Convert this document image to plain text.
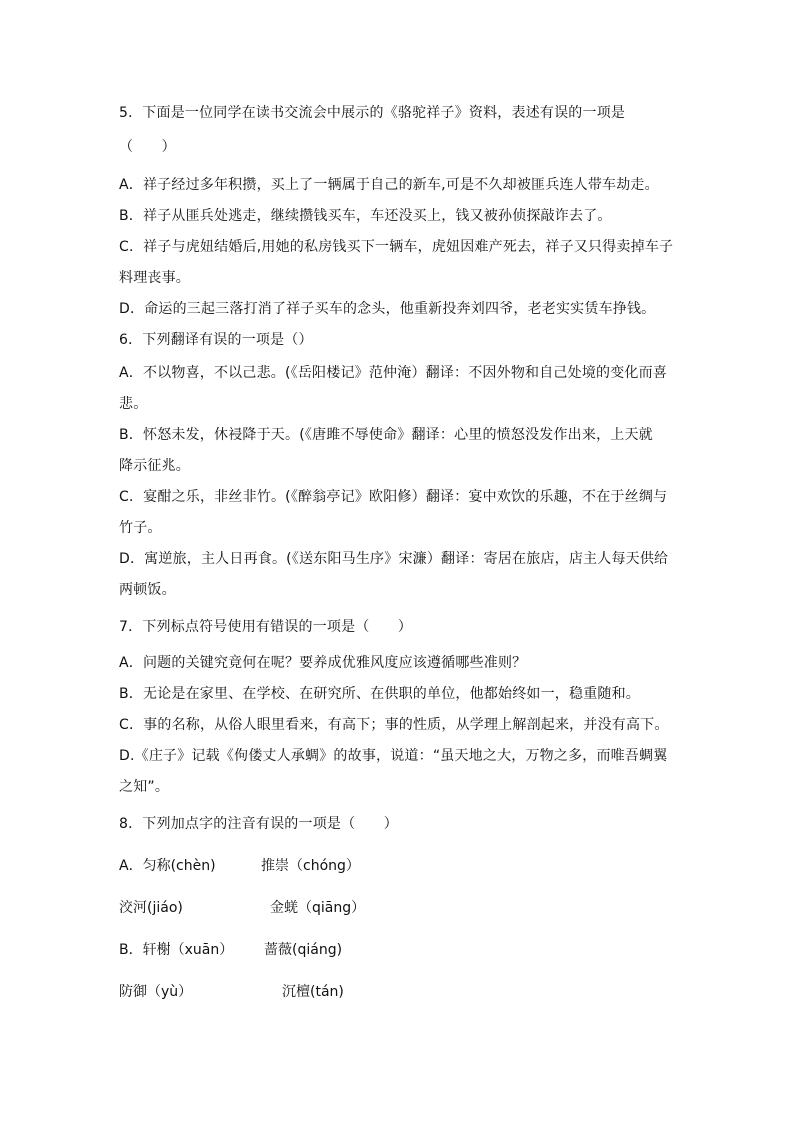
5．下面是一位同学在读书交流会中展示的《骆驼祥子》资料，表述有误的一项是
（　　）
A．祥子经过多年积攒，买上了一辆属于自己的新车,可是不久却被匪兵连人带车劫走。
B．祥子从匪兵处逃走，继续攒钱买车，车还没买上，钱又被孙侦探敲诈去了。
C．祥子与虎妞结婚后,用她的私房钱买下一辆车，虎妞因难产死去，祥子又只得卖掉车子
料理丧事。
D．命运的三起三落打消了祥子买车的念头，他重新投奔刘四爷，老老实实赁车挣钱。
6．下列翻译有误的一项是（）
A．不以物喜，不以己悲。(《岳阳楼记》范仲淹）翻译：不因外物和自己处境的变化而喜
悲。
B．怀怒未发，休祲降于天。(《唐雎不辱使命》翻译：心里的愤怒没发作出来，上天就
降示征兆。
C．宴酣之乐，非丝非竹。(《醉翁亭记》欧阳修）翻译：宴中欢饮的乐趣，不在于丝绸与
竹子。
D．寓逆旅，主人日再食。(《送东阳马生序》宋濂）翻译：寄居在旅店，店主人每天供给
两顿饭。
7．下列标点符号使用有错误的一项是（　　）
A．问题的关键究竟何在呢？要养成优雅风度应该遵循哪些准则？
B．无论是在家里、在学校、在研究所、在供职的单位，他都始终如一，稳重随和。
C．事的名称，从俗人眼里看来，有高下；事的性质，从学理上解剖起来，并没有高下。
D.《庄子》记载《佝偻丈人承蜩》的故事，说道：“虽天地之大，万物之多，而唯吾蜩翼
之知”。
8．下列加点字的注音有误的一项是（　　）
A．匀称(chèn)	推崇（chóng）
洨河(jiáo)	金蜣（qiāng）
B．轩榭（xuān） 蔷薇(qiáng)
防御（yù）	沉檀(tán)
